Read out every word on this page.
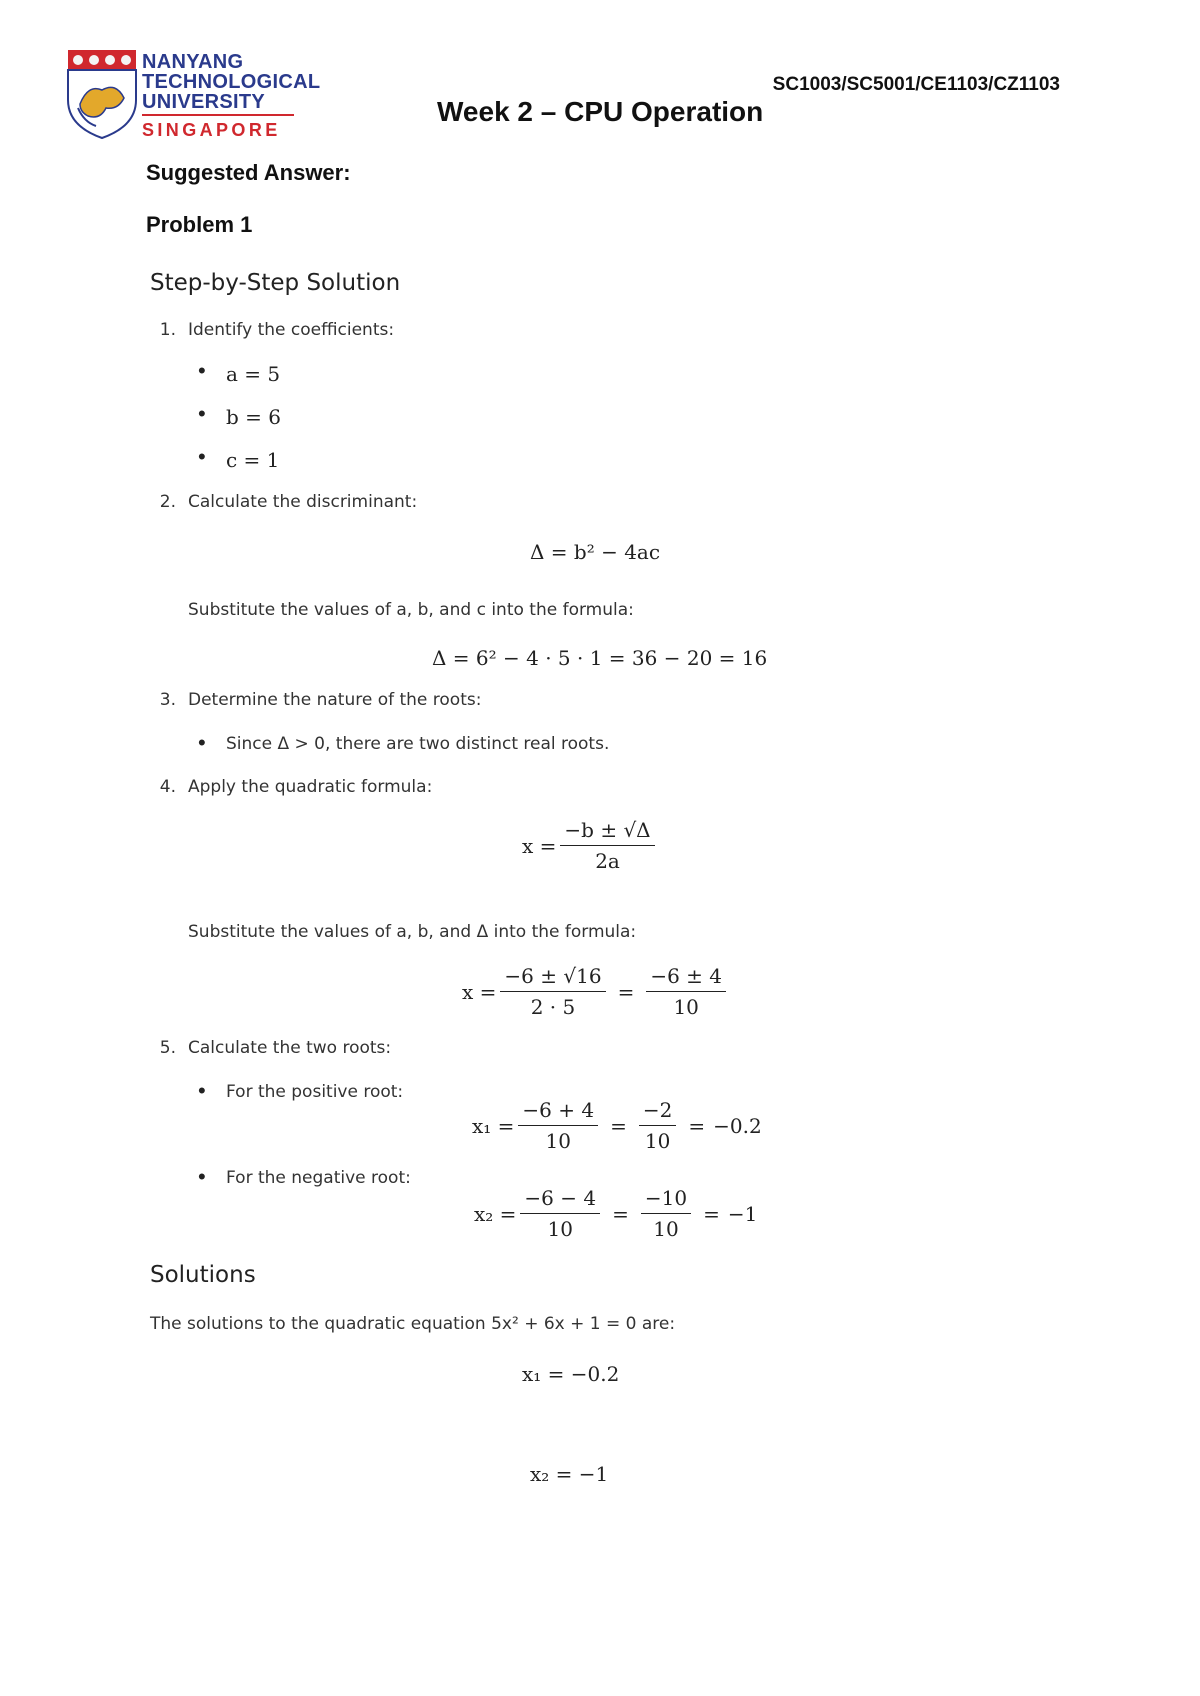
NANYANG
TECHNOLOGICAL
UNIVERSITY
SINGAPORE
SC1003/SC5001/CE1103/CZ1103
Week 2 – CPU Operation
Suggested Answer:
Problem 1
Step-by-Step Solution
1. Identify the coefficients:
• a = 5
• b = 6
• c = 1
2. Calculate the discriminant:
Δ = b² − 4ac
Substitute the values of a, b, and c into the formula:
Δ = 6² − 4 · 5 · 1 = 36 − 20 = 16
3. Determine the nature of the roots:
• Since Δ > 0, there are two distinct real roots.
4. Apply the quadratic formula:
$x = \frac{-b \pm √\Delta}{2a}$
Substitute the values of a, b, and Δ into the formula:
$x = \frac{-6 \pm √16}{2 \cdot 5} = \frac{-6 \pm 4}{10}$
5. Calculate the two roots:
• For the positive root:
$x_1 = \frac{-6 + 4}{10} = \frac{-2}{10} = -0.2$
• For the negative root:
$x_2 = \frac{-6 - 4}{10} = \frac{-10}{10} = -1$
Solutions
The solutions to the quadratic equation 5x² + 6x + 1 = 0 are:
x₁ = −0.2
x₂ = −1
